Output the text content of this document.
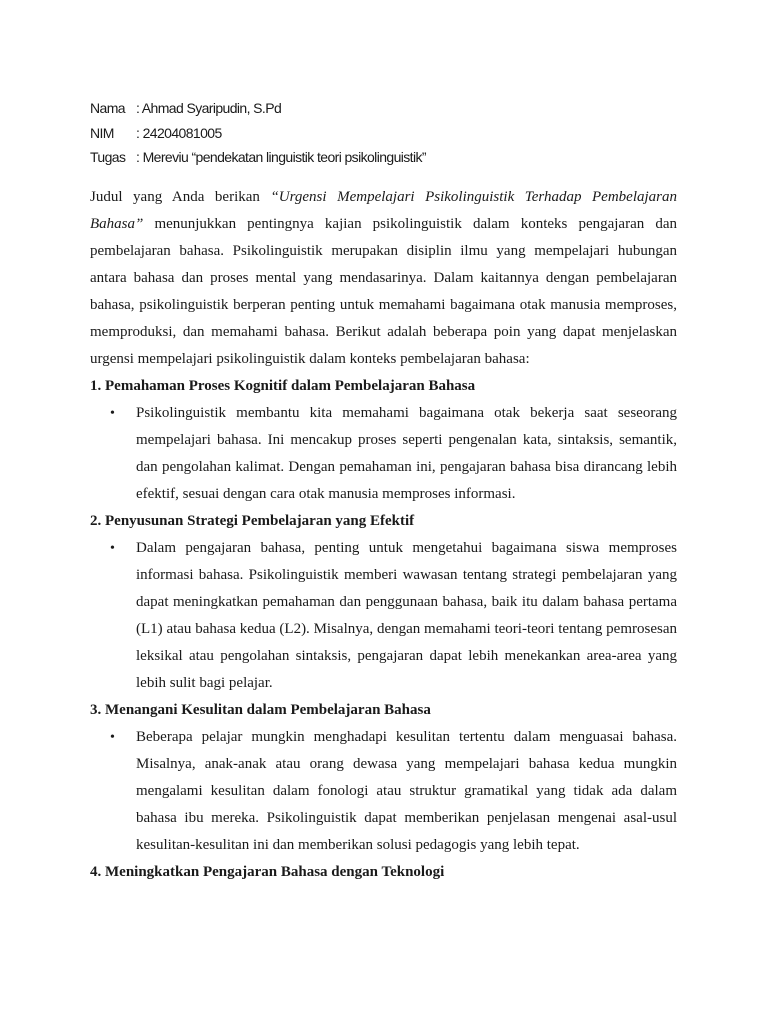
Nama : Ahmad Syaripudin, S.Pd
NIM	: 24204081005
Tugas : Mereviu “pendekatan linguistik teori psikolinguistik”

Judul yang Anda berikan “Urgensi Mempelajari Psikolinguistik Terhadap Pembelajaran Bahasa” menunjukkan pentingnya kajian psikolinguistik dalam konteks pengajaran dan pembelajaran bahasa. Psikolinguistik merupakan disiplin ilmu yang mempelajari hubungan antara bahasa dan proses mental yang mendasarinya. Dalam kaitannya dengan pembelajaran bahasa, psikolinguistik berperan penting untuk memahami bagaimana otak manusia memproses, memproduksi, dan memahami bahasa. Berikut adalah beberapa poin yang dapat menjelaskan urgensi mempelajari psikolinguistik dalam konteks pembelajaran bahasa:

1. Pemahaman Proses Kognitif dalam Pembelajaran Bahasa

• Psikolinguistik membantu kita memahami bagaimana otak bekerja saat seseorang mempelajari bahasa. Ini mencakup proses seperti pengenalan kata, sintaksis, semantik, dan pengolahan kalimat. Dengan pemahaman ini, pengajaran bahasa bisa dirancang lebih efektif, sesuai dengan cara otak manusia memproses informasi.

2. Penyusunan Strategi Pembelajaran yang Efektif

• Dalam pengajaran bahasa, penting untuk mengetahui bagaimana siswa memproses informasi bahasa. Psikolinguistik memberi wawasan tentang strategi pembelajaran yang dapat meningkatkan pemahaman dan penggunaan bahasa, baik itu dalam bahasa pertama (L1) atau bahasa kedua (L2). Misalnya, dengan memahami teori-teori tentang pemrosesan leksikal atau pengolahan sintaksis, pengajaran dapat lebih menekankan area-area yang lebih sulit bagi pelajar.

3. Menangani Kesulitan dalam Pembelajaran Bahasa

• Beberapa pelajar mungkin menghadapi kesulitan tertentu dalam menguasai bahasa. Misalnya, anak-anak atau orang dewasa yang mempelajari bahasa kedua mungkin mengalami kesulitan dalam fonologi atau struktur gramatikal yang tidak ada dalam bahasa ibu mereka. Psikolinguistik dapat memberikan penjelasan mengenai asal-usul kesulitan-kesulitan ini dan memberikan solusi pedagogis yang lebih tepat.

4. Meningkatkan Pengajaran Bahasa dengan Teknologi
